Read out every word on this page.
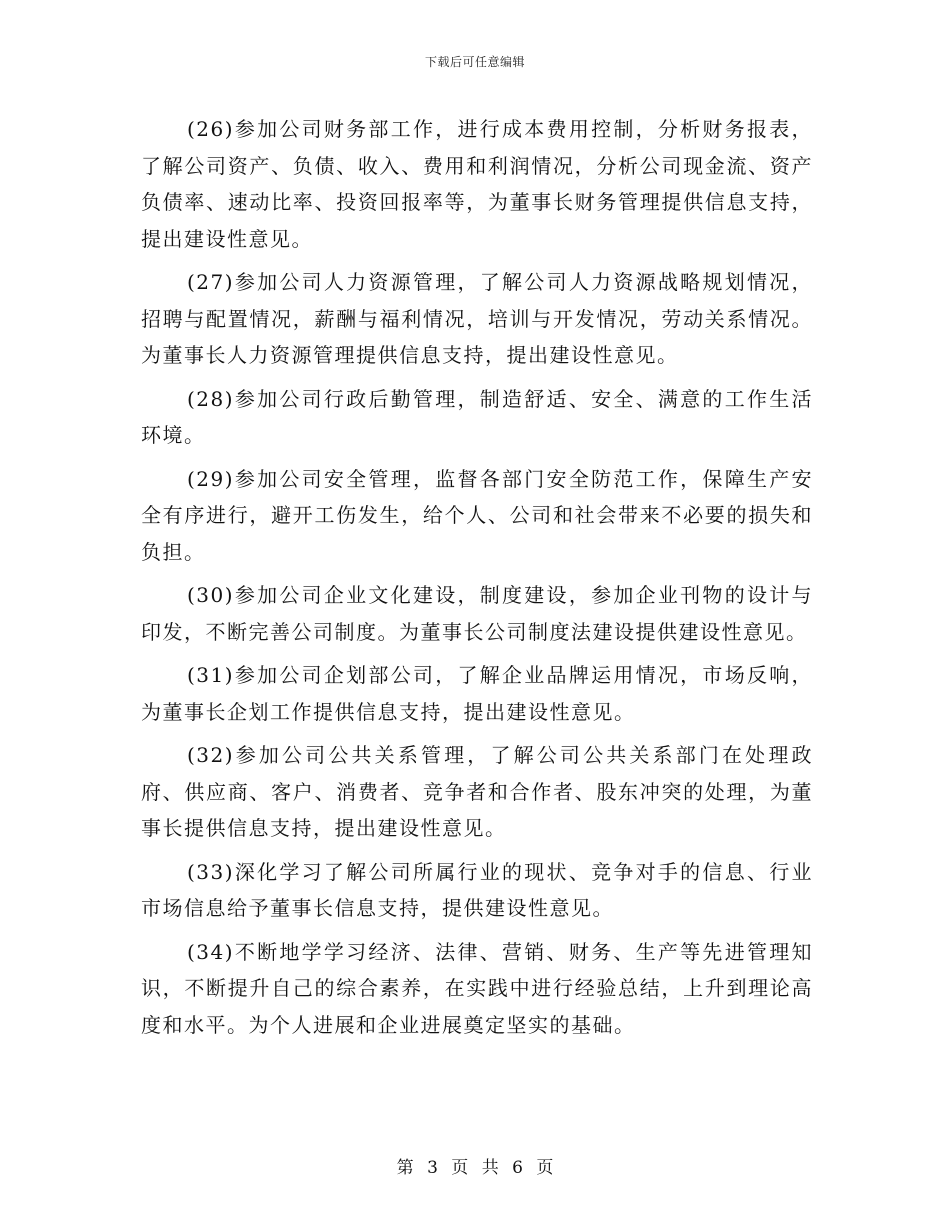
下载后可任意编辑

(26)参加公司财务部工作，进行成本费用控制，分析财务报表，了解公司资产、负债、收入、费用和利润情况，分析公司现金流、资产负债率、速动比率、投资回报率等，为董事长财务管理提供信息支持，提出建设性意见。

(27)参加公司人力资源管理，了解公司人力资源战略规划情况，招聘与配置情况，薪酬与福利情况，培训与开发情况，劳动关系情况。为董事长人力资源管理提供信息支持，提出建设性意见。

(28)参加公司行政后勤管理，制造舒适、安全、满意的工作生活环境。

(29)参加公司安全管理，监督各部门安全防范工作，保障生产安全有序进行，避开工伤发生，给个人、公司和社会带来不必要的损失和负担。

(30)参加公司企业文化建设，制度建设，参加企业刊物的设计与印发，不断完善公司制度。为董事长公司制度法建设提供建设性意见。

(31)参加公司企划部公司，了解企业品牌运用情况，市场反响，为董事长企划工作提供信息支持，提出建设性意见。

(32)参加公司公共关系管理，了解公司公共关系部门在处理政府、供应商、客户、消费者、竞争者和合作者、股东冲突的处理，为董事长提供信息支持，提出建设性意见。

(33)深化学习了解公司所属行业的现状、竞争对手的信息、行业市场信息给予董事长信息支持，提供建设性意见。

(34)不断地学学习经济、法律、营销、财务、生产等先进管理知识，不断提升自己的综合素养，在实践中进行经验总结，上升到理论高度和水平。为个人进展和企业进展奠定坚实的基础。

第 3 页 共 6 页
